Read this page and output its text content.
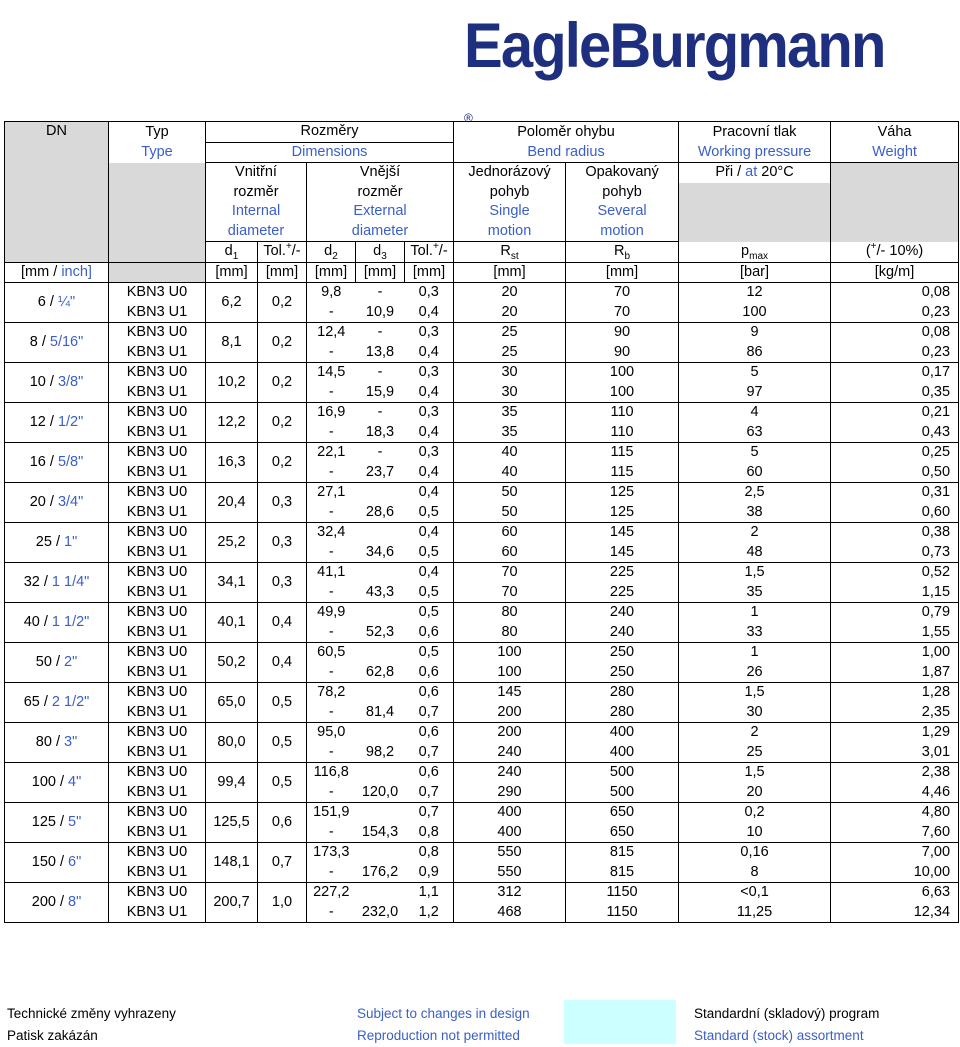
EagleBurgmann®
DN	Typ	Rozměry					Poloměr ohybu		Pracovní tlak	Váha
	Type	Dimensions					Bend radius		Working pressure	Weight
		Vnitřní		Vnější			Jednorázový	Opakovaný	Při / at 20°C	
		rozměr		rozměr			pohyb	pohyb		
		Internal		External			Single	Several		
		diameter		diameter			motion	motion		
		$d_1$	Tol.+/-	$d_2$	$d_3$	Tol.+/-	$R_{st}$	$R_b$	$p_{max}$	(+/- 10%)
[mm / inch]		[mm]	[mm]	[mm]	[mm]	[mm]	[mm]	[mm]	[bar]	[kg/m]
6 / ¼"	KBN3 U0	6,2	0,2	9,8	-	0,3	20	70	12	0,08
	KBN3 U1			-	10,9	0,4	20	70	100	0,23
8 / 5/16"	KBN3 U0	8,1	0,2	12,4	-	0,3	25	90	9	0,08
	KBN3 U1			-	13,8	0,4	25	90	86	0,23
10 / 3/8"	KBN3 U0	10,2	0,2	14,5	-	0,3	30	100	5	0,17
	KBN3 U1			-	15,9	0,4	30	100	97	0,35
12 / 1/2"	KBN3 U0	12,2	0,2	16,9	-	0,3	35	110	4	0,21
	KBN3 U1			-	18,3	0,4	35	110	63	0,43
16 / 5/8"	KBN3 U0	16,3	0,2	22,1	-	0,3	40	115	5	0,25
	KBN3 U1			-	23,7	0,4	40	115	60	0,50
20 / 3/4"	KBN3 U0	20,4	0,3	27,1		0,4	50	125	2,5	0,31
	KBN3 U1			-	28,6	0,5	50	125	38	0,60
25 / 1"	KBN3 U0	25,2	0,3	32,4		0,4	60	145	2	0,38
	KBN3 U1			-	34,6	0,5	60	145	48	0,73
32 / 1 1/4"	KBN3 U0	34,1	0,3	41,1		0,4	70	225	1,5	0,52
	KBN3 U1			-	43,3	0,5	70	225	35	1,15
40 / 1 1/2"	KBN3 U0	40,1	0,4	49,9		0,5	80	240	1	0,79
	KBN3 U1			-	52,3	0,6	80	240	33	1,55
50 / 2"	KBN3 U0	50,2	0,4	60,5		0,5	100	250	1	1,00
	KBN3 U1			-	62,8	0,6	100	250	26	1,87
65 / 2 1/2"	KBN3 U0	65,0	0,5	78,2		0,6	145	280	1,5	1,28
	KBN3 U1			-	81,4	0,7	200	280	30	2,35
80 / 3"	KBN3 U0	80,0	0,5	95,0		0,6	200	400	2	1,29
	KBN3 U1			-	98,2	0,7	240	400	25	3,01
100 / 4"	KBN3 U0	99,4	0,5	116,8		0,6	240	500	1,5	2,38
	KBN3 U1			-	120,0	0,7	290	500	20	4,46
125 / 5"	KBN3 U0	125,5	0,6	151,9		0,7	400	650	0,2	4,80
	KBN3 U1			-	154,3	0,8	400	650	10	7,60
150 / 6"	KBN3 U0	148,1	0,7	173,3		0,8	550	815	0,16	7,00
	KBN3 U1			-	176,2	0,9	550	815	8	10,00
200 / 8"	KBN3 U0	200,7	1,0	227,2		1,1	312	1150	<0,1	6,63
	KBN3 U1			-	232,0	1,2	468	1150	11,25	12,34
Technické změny vyhrazeny
Patisk zakázán
Subject to changes in design
Reproduction not permitted
Standardní (skladový) program
Standard (stock) assortment
